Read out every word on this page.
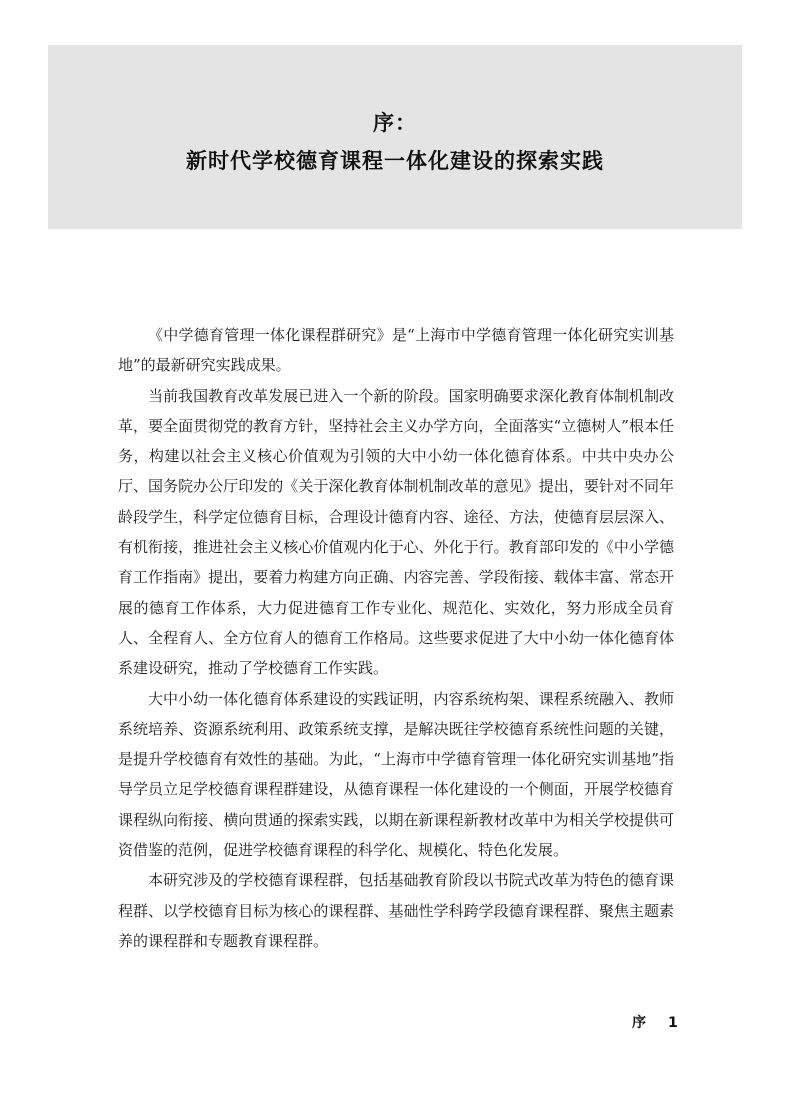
序：
新时代学校德育课程一体化建设的探索实践

《中学德育管理一体化课程群研究》是“上海市中学德育管理一体化研究实训基地”的最新研究实践成果。

当前我国教育改革发展已进入一个新的阶段。国家明确要求深化教育体制机制改革，要全面贯彻党的教育方针，坚持社会主义办学方向，全面落实“立德树人”根本任务，构建以社会主义核心价值观为引领的大中小幼一体化德育体系。中共中央办公厅、国务院办公厅印发的《关于深化教育体制机制改革的意见》提出，要针对不同年龄段学生，科学定位德育目标，合理设计德育内容、途径、方法，使德育层层深入、有机衔接，推进社会主义核心价值观内化于心、外化于行。教育部印发的《中小学德育工作指南》提出，要着力构建方向正确、内容完善、学段衔接、载体丰富、常态开展的德育工作体系，大力促进德育工作专业化、规范化、实效化，努力形成全员育人、全程育人、全方位育人的德育工作格局。这些要求促进了大中小幼一体化德育体系建设研究，推动了学校德育工作实践。

大中小幼一体化德育体系建设的实践证明，内容系统构架、课程系统融入、教师系统培养、资源系统利用、政策系统支撑，是解决既往学校德育系统性问题的关键，是提升学校德育有效性的基础。为此，“上海市中学德育管理一体化研究实训基地”指导学员立足学校德育课程群建设，从德育课程一体化建设的一个侧面，开展学校德育课程纵向衔接、横向贯通的探索实践，以期在新课程新教材改革中为相关学校提供可资借鉴的范例，促进学校德育课程的科学化、规模化、特色化发展。

本研究涉及的学校德育课程群，包括基础教育阶段以书院式改革为特色的德育课程群、以学校德育目标为核心的课程群、基础性学科跨学段德育课程群、聚焦主题素养的课程群和专题教育课程群。

序 1
